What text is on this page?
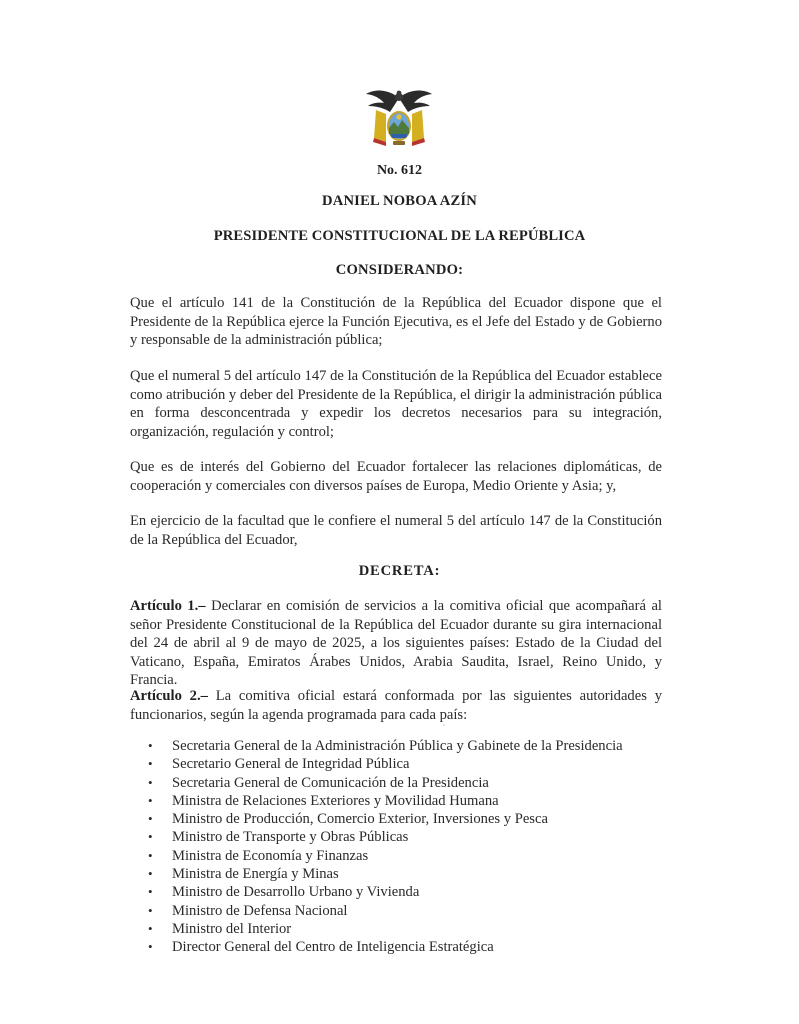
No. 612
DANIEL NOBOA AZÍN
PRESIDENTE CONSTITUCIONAL DE LA REPÚBLICA
CONSIDERANDO:

Que el artículo 141 de la Constitución de la República del Ecuador dispone que el Presidente de la República ejerce la Función Ejecutiva, es el Jefe del Estado y de Gobierno y responsable de la administración pública;

Que el numeral 5 del artículo 147 de la Constitución de la República del Ecuador establece como atribución y deber del Presidente de la República, el dirigir la administración pública en forma desconcentrada y expedir los decretos necesarios para su integración, organización, regulación y control;

Que es de interés del Gobierno del Ecuador fortalecer las relaciones diplomáticas, de cooperación y comerciales con diversos países de Europa, Medio Oriente y Asia; y,

En ejercicio de la facultad que le confiere el numeral 5 del artículo 147 de la Constitución de la República del Ecuador,

DECRETA:

Artículo 1.– Declarar en comisión de servicios a la comitiva oficial que acompañará al señor Presidente Constitucional de la República del Ecuador durante su gira internacional del 24 de abril al 9 de mayo de 2025, a los siguientes países: Estado de la Ciudad del Vaticano, España, Emiratos Árabes Unidos, Arabia Saudita, Israel, Reino Unido, y Francia.

Artículo 2.– La comitiva oficial estará conformada por las siguientes autoridades y funcionarios, según la agenda programada para cada país:

• Secretaria General de la Administración Pública y Gabinete de la Presidencia
• Secretario General de Integridad Pública
• Secretaria General de Comunicación de la Presidencia
• Ministra de Relaciones Exteriores y Movilidad Humana
• Ministro de Producción, Comercio Exterior, Inversiones y Pesca
• Ministro de Transporte y Obras Públicas
• Ministra de Economía y Finanzas
• Ministra de Energía y Minas
• Ministro de Desarrollo Urbano y Vivienda
• Ministro de Defensa Nacional
• Ministro del Interior
• Director General del Centro de Inteligencia Estratégica
